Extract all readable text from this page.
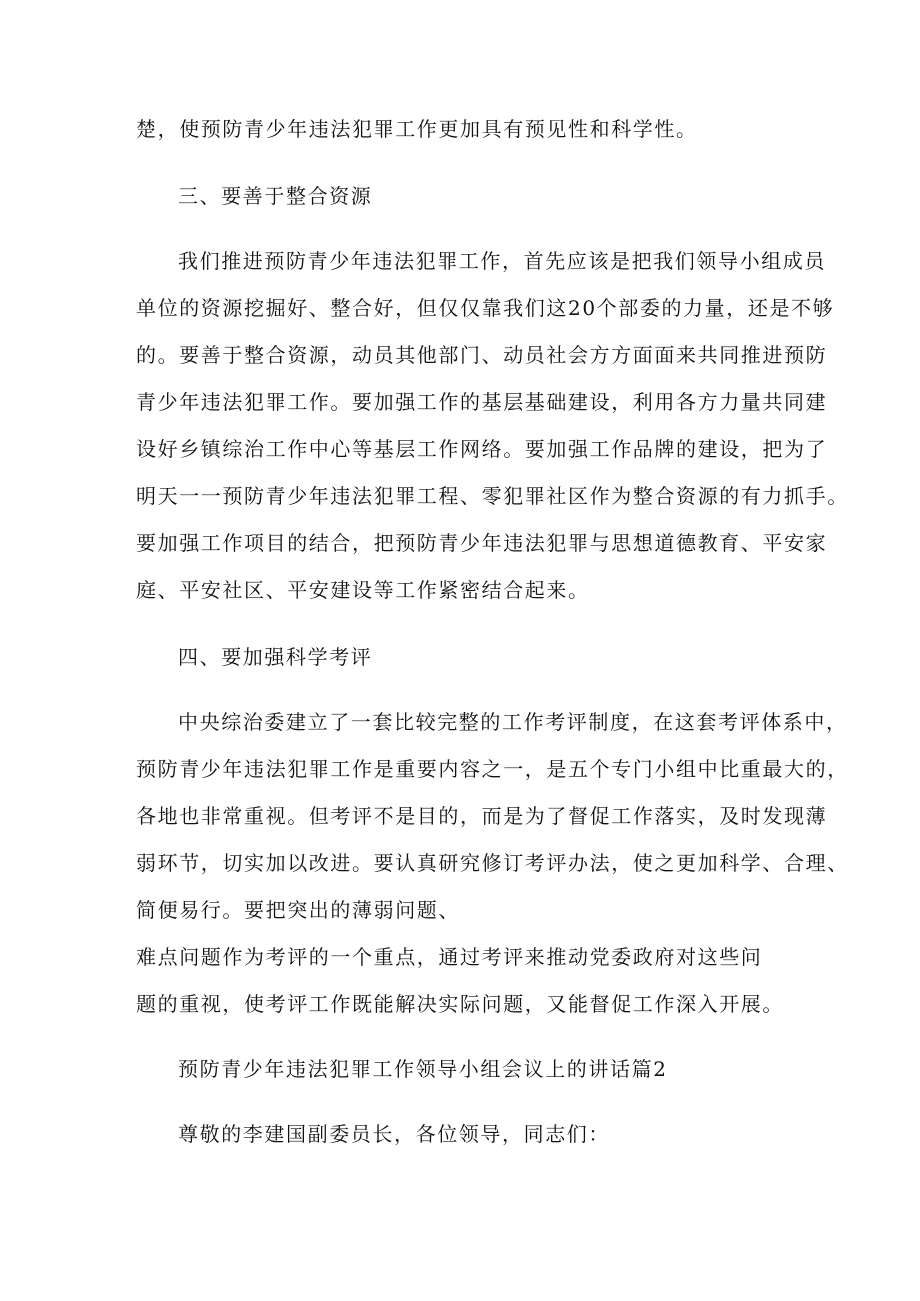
楚，使预防青少年违法犯罪工作更加具有预见性和科学性。
三、要善于整合资源
我们推进预防青少年违法犯罪工作，首先应该是把我们领导小组成员
单位的资源挖掘好、整合好，但仅仅靠我们这20个部委的力量，还是不够
的。要善于整合资源，动员其他部门、动员社会方方面面来共同推进预防
青少年违法犯罪工作。要加强工作的基层基础建设，利用各方力量共同建
设好乡镇综治工作中心等基层工作网络。要加强工作品牌的建设，把为了
明天一一预防青少年违法犯罪工程、零犯罪社区作为整合资源的有力抓手。
要加强工作项目的结合，把预防青少年违法犯罪与思想道德教育、平安家
庭、平安社区、平安建设等工作紧密结合起来。
四、要加强科学考评
中央综治委建立了一套比较完整的工作考评制度，在这套考评体系中，
预防青少年违法犯罪工作是重要内容之一，是五个专门小组中比重最大的，
各地也非常重视。但考评不是目的，而是为了督促工作落实，及时发现薄
弱环节，切实加以改进。要认真研究修订考评办法，使之更加科学、合理、
简便易行。要把突出的薄弱问题、
难点问题作为考评的一个重点，通过考评来推动党委政府对这些问
题的重视，使考评工作既能解决实际问题，又能督促工作深入开展。
预防青少年违法犯罪工作领导小组会议上的讲话篇2
尊敬的李建国副委员长，各位领导，同志们：
